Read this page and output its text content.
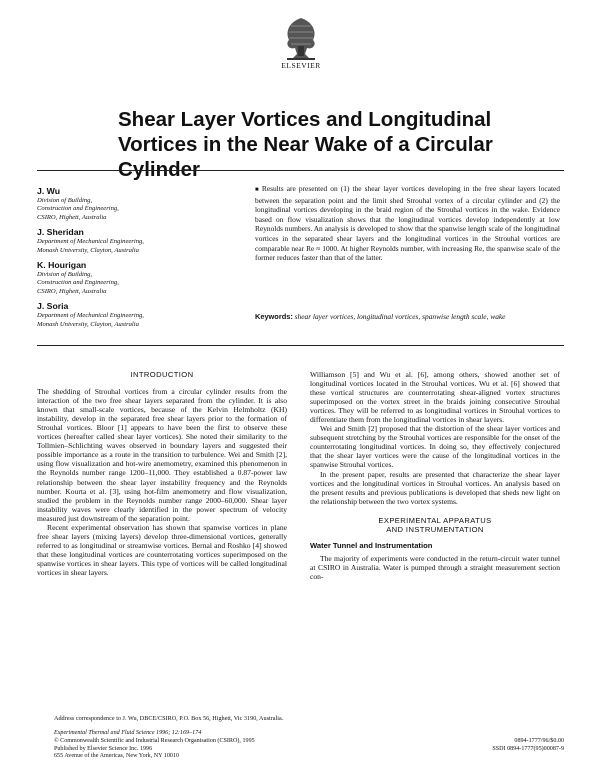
ELSEVIER
Shear Layer Vortices and Longitudinal Vortices in the Near Wake of a Circular Cylinder
J. Wu
Division of Building,
Construction and Engineering,
CSIRO, Highett, Australia
J. Sheridan
Department of Mechanical Engineering,
Monash University, Clayton, Australia
K. Hourigan
Division of Building,
Construction and Engineering,
CSIRO, Highett, Australia
J. Soria
Department of Mechanical Engineering,
Monash University, Clayton, Australia

■ Results are presented on (1) the shear layer vortices developing in the free shear layers located between the separation point and the limit shed Strouhal vortex of a circular cylinder and (2) the longitudinal vortices developing in the braid region of the Strouhal vortices in the wake. Evidence based on flow visualization shows that the longitudinal vortices develop independently at low Reynolds numbers. An analysis is developed to show that the spanwise length scale of the longitudinal vortices in the separated shear layers and the longitudinal vortices in the Strouhal vortices are comparable near Re ≈ 1000. At higher Reynolds number, with increasing Re, the spanwise scale of the former reduces faster than that of the latter.

Keywords: shear layer vortices, longitudinal vortices, spanwise length scale, wake
INTRODUCTION

The shedding of Strouhal vortices from a circular cylinder results from the interaction of the two free shear layers separated from the cylinder. It is also known that small-scale vortices, because of the Kelvin Helmholtz (KH) instability, develop in the separated free shear layers prior to the formation of Strouhal vortices. Bloor [1] appears to have been the first to observe these vortices (hereafter called shear layer vortices). She noted their similarity to the Tollmien–Schlichting waves observed in boundary layers and suggested their possible importance as a route in the transition to turbulence. Wei and Smith [2], using flow visualization and hot-wire anemometry, examined this phenomenon in the Reynolds number range 1200–11,000. They established a 0.87-power law relationship between the shear layer instability frequency and the Reynolds number. Kourta et al. [3], using hot-film anemometry and flow visualization, studied the problem in the Reynolds number range 2000–60,000. Shear layer instability waves were clearly identified in the power spectrum of velocity measured just downstream of the separation point.

Recent experimental observation has shown that spanwise vortices in plane free shear layers (mixing layers) develop three-dimensional vortices, generally referred to as longitudinal or streamwise vortices. Bernal and Roshko [4] showed that these longitudinal vortices are counterrotating vortices superimposed on the spanwise vortices in shear layers. This type of vortices will be called longitudinal vortices in shear layers.

Williamson [5] and Wu et al. [6], among others, showed another set of longitudinal vortices located in the Strouhal vortices. Wu et al. [6] showed that these vortical structures are counterrotating shear-aligned vortex structures superimposed on the vortex street in the braids joining consecutive Strouhal vortices. They will be referred to as longitudinal vortices in Strouhal vortices to differentiate them from the longitudinal vortices in shear layers.

Wei and Smith [2] proposed that the distortion of the shear layer vortices and subsequent stretching by the Strouhal vortices are responsible for the onset of the counterrotating longitudinal vortices. In doing so, they effectively conjectured that the shear layer vortices were the cause of the longitudinal vortices in the spanwise Strouhal vortices.

In the present paper, results are presented that characterize the shear layer vortices and the longitudinal vortices in Strouhal vortices. An analysis based on the present results and previous publications is developed that sheds new light on the relationship between the two vortex systems.

EXPERIMENTAL APPARATUS
AND INSTRUMENTATION
Water Tunnel and Instrumentation

The majority of experiments were conducted in the return-circuit water tunnel at CSIRO in Australia. Water is pumped through a straight measurement section con-

Address correspondence to J. Wu, DBCE/CSIRO, P.O. Box 56, Highett, Vic 3190, Australia.
Experimental Thermal and Fluid Science 1996; 12:169–174
© Commonwealth Scientific and Industrial Research Organisation (CSIRO), 1995	0894-1777/96/$0.00
Published by Elsevier Science Inc. 1996	SSDI 0894-1777(95)00087-9
655 Avenue of the Americas, New York, NY 10010
